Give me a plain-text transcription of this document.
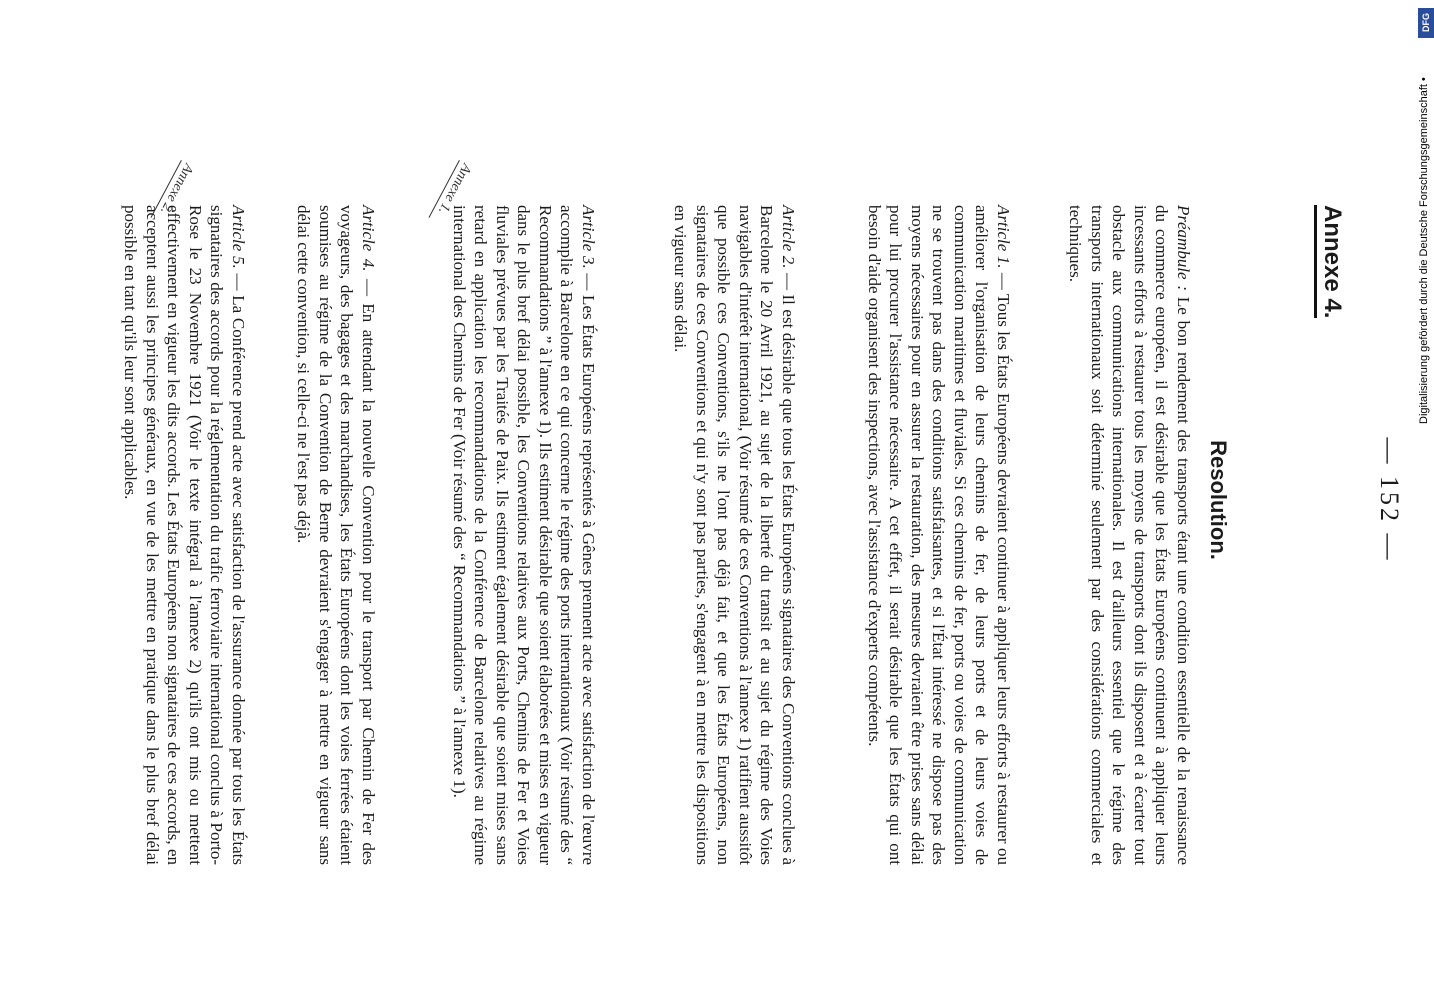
— 152 —
Annexe 4.
Resolution.
Préambule : Le bon rendement des transports étant une condition essentielle de la renaissance du commerce européen, il est désirable que les États Européens continuent à appliquer leurs incessants efforts à restaurer tous les moyens de transports dont ils disposent et à écarter tout obstacle aux communications internationales. Il est d'ailleurs essentiel que le régime des transports internationaux soit déterminé seulement par des considérations commerciales et techniques.
Article 1. — Tous les États Européens devraient continuer à appliquer leurs efforts à restaurer ou améliorer l'organisation de leurs chemins de fer, de leurs ports et de leurs voies de communication maritimes et fluviales. Si ces chemins de fer, ports ou voies de communication ne se trouvent pas dans des conditions satisfaisantes, et si l'État intéressé ne dispose pas des moyens nécessaires pour en assurer la restauration, des mesures devraient être prises sans délai pour lui procurer l'assistance nécessaire. A cet effet, il serait désirable que les États qui ont besoin d'aide organisent des inspections, avec l'assistance d'experts compétents.
Article 2. — Il est désirable que tous les États Européens signataires des Conventions conclues à Barcelone le 20 Avril 1921, au sujet de la liberté du transit et au sujet du régime des Voies navigables d'intérêt international, (Voir résumé de ces Conventions à l'annexe 1) ratifient aussitôt que possible ces Conventions, s'ils ne l'ont pas déjà fait, et que les États Européens, non signataires de ces Conventions et qui n'y sont pas parties, s'engagent à en mettre les dispositions en vigueur sans délai.
Article 3. — Les États Européens représentés à Gênes prennent acte avec satisfaction de l'œuvre accomplie à Barcelone en ce qui concerne le régime des ports internationaux (Voir résumé des “ Recommandations ” à l'annexe 1). Ils estiment désirable que soient élaborées et mises en vigueur dans le plus bref délai possible, les Conventions relatives aux Ports, Chemins de Fer et Voies fluviales prévues par les Traités de Paix. Ils estiment également désirable que soient mises sans retard en application les recommandations de la Conférence de Barcelone relatives au régime international des Chemins de Fer (Voir résumé des “ Recommandations ” à l'annexe 1).
Article 4. — En attendant la nouvelle Convention pour le transport par Chemin de Fer des voyageurs, des bagages et des marchandises, les États Européens dont les voies ferrées étaient soumises au régime de la Convention de Berne devraient s'engager à mettre en vigueur sans délai cette convention, si celle-ci ne l'est pas déjà.
Article 5. — La Conférence prend acte avec satisfaction de l'assurance donnée par tous les États signataires des accords pour la réglementation du trafic ferroviaire international conclus à Porto-Rose le 23 Novembre 1921 (Voir le texte intégral à l'annexe 2) qu'ils ont mis ou mettent effectivement en vigueur les dits accords. Les États Européens non signataires de ces accords, en acceptent aussi les principes généraux, en vue de les mettre en pratique dans le plus bref délai possible en tant qu'ils leur sont applicables.
Annexe 1.
Annexe 2.
DFG
Digitalisierung gefördert durch die Deutsche Forschungsgemeinschaft •
